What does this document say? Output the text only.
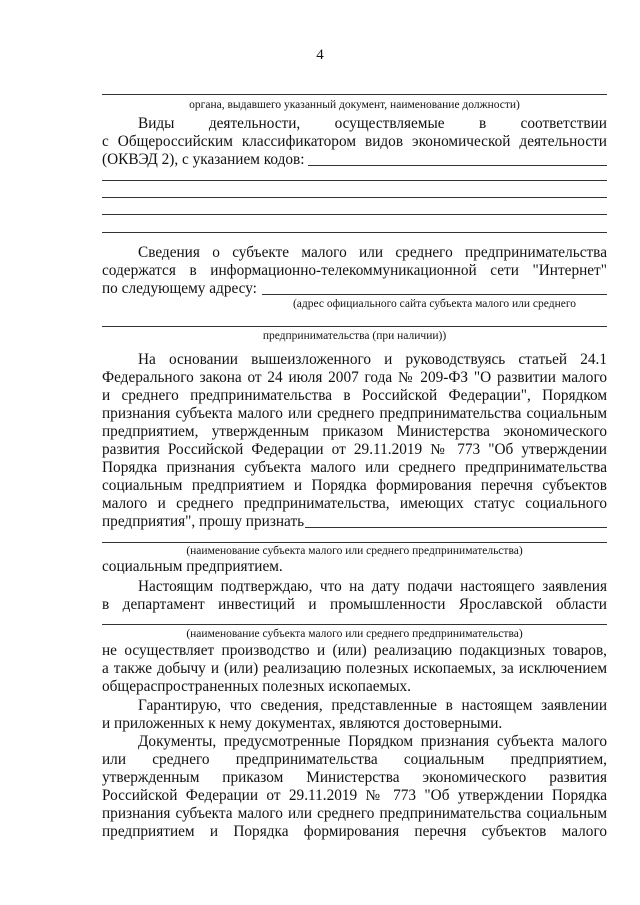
4
органа, выдавшего указанный документ, наименование должности)
Виды деятельности, осуществляемые в соответствии
с Общероссийским классификатором видов экономической деятельности
(ОКВЭД 2), с указанием кодов:
Сведения о субъекте малого или среднего предпринимательства
содержатся в информационно-телекоммуникационной сети "Интернет"
по следующему адресу:
(адрес официального сайта субъекта малого или среднего
предпринимательства (при наличии))
На основании вышеизложенного и руководствуясь статьей 24.1
Федерального закона от 24 июля 2007 года № 209-ФЗ "О развитии малого
и среднего предпринимательства в Российской Федерации", Порядком
признания субъекта малого или среднего предпринимательства социальным
предприятием, утвержденным приказом Министерства экономического
развития Российской Федерации от 29.11.2019 № 773 "Об утверждении
Порядка признания субъекта малого или среднего предпринимательства
социальным предприятием и Порядка формирования перечня субъектов
малого и среднего предпринимательства, имеющих статус социального
предприятия", прошу признать
(наименование субъекта малого или среднего предпринимательства)
социальным предприятием.
Настоящим подтверждаю, что на дату подачи настоящего заявления
в департамент инвестиций и промышленности Ярославской области
(наименование субъекта малого или среднего предпринимательства)
не осуществляет производство и (или) реализацию подакцизных товаров,
а также добычу и (или) реализацию полезных ископаемых, за исключением
общераспространенных полезных ископаемых.
Гарантирую, что сведения, представленные в настоящем заявлении
и приложенных к нему документах, являются достоверными.
Документы, предусмотренные Порядком признания субъекта малого
или среднего предпринимательства социальным предприятием,
утвержденным приказом Министерства экономического развития
Российской Федерации от 29.11.2019 № 773 "Об утверждении Порядка
признания субъекта малого или среднего предпринимательства социальным
предприятием и Порядка формирования перечня субъектов малого
